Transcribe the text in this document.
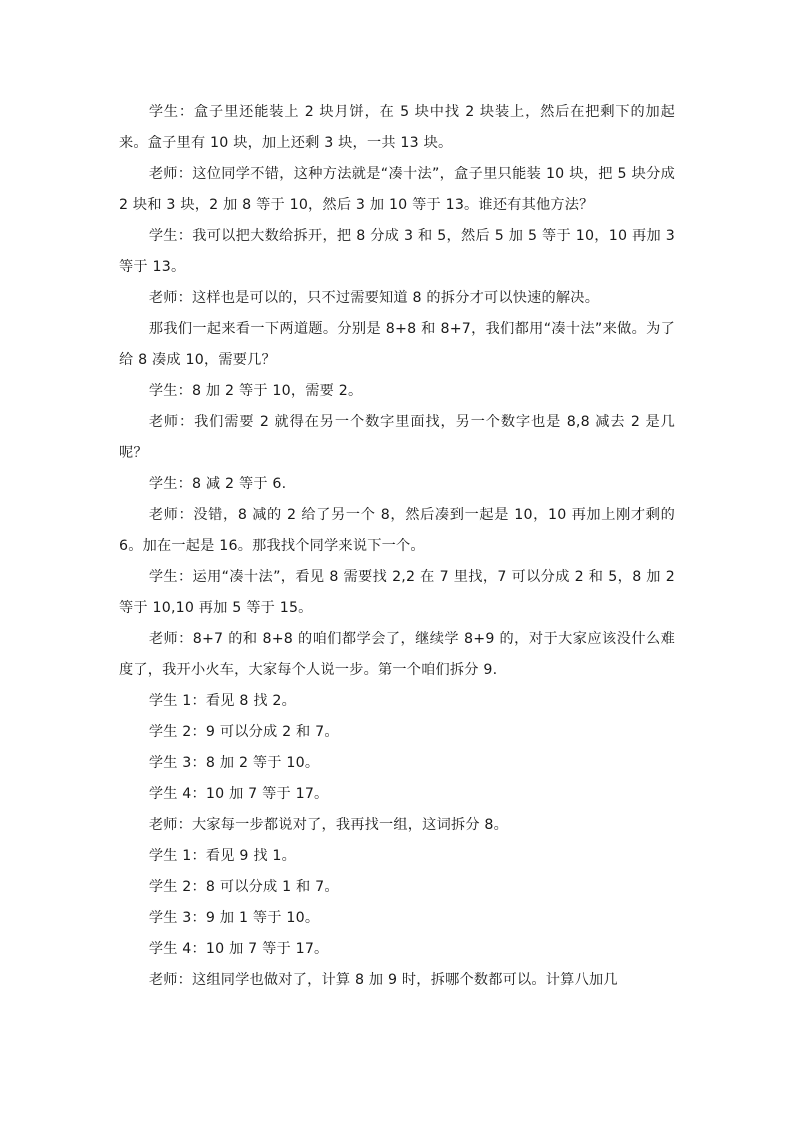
学生：盒子里还能装上 2 块月饼，在 5 块中找 2 块装上，然后在把剩下的加起来。盒子里有 10 块，加上还剩 3 块，一共 13 块。

老师：这位同学不错，这种方法就是“凑十法”，盒子里只能装 10 块，把 5 块分成 2 块和 3 块，2 加 8 等于 10，然后 3 加 10 等于 13。谁还有其他方法？

学生：我可以把大数给拆开，把 8 分成 3 和 5，然后 5 加 5 等于 10，10 再加 3 等于 13。

老师：这样也是可以的，只不过需要知道 8 的拆分才可以快速的解决。

那我们一起来看一下两道题。分别是 8+8 和 8+7，我们都用“凑十法”来做。为了给 8 凑成 10，需要几？

学生：8 加 2 等于 10，需要 2。

老师：我们需要 2 就得在另一个数字里面找，另一个数字也是 8,8 减去 2 是几呢？

学生：8 减 2 等于 6.

老师：没错，8 减的 2 给了另一个 8，然后凑到一起是 10，10 再加上刚才剩的 6。加在一起是 16。那我找个同学来说下一个。

学生：运用“凑十法”，看见 8 需要找 2,2 在 7 里找，7 可以分成 2 和 5，8 加 2 等于 10,10 再加 5 等于 15。

老师：8+7 的和 8+8 的咱们都学会了，继续学 8+9 的，对于大家应该没什么难度了，我开小火车，大家每个人说一步。第一个咱们拆分 9.

学生 1：看见 8 找 2。

学生 2：9 可以分成 2 和 7。

学生 3：8 加 2 等于 10。

学生 4：10 加 7 等于 17。

老师：大家每一步都说对了，我再找一组，这词拆分 8。

学生 1：看见 9 找 1。

学生 2：8 可以分成 1 和 7。

学生 3：9 加 1 等于 10。

学生 4：10 加 7 等于 17。

老师：这组同学也做对了，计算 8 加 9 时，拆哪个数都可以。计算八加几
